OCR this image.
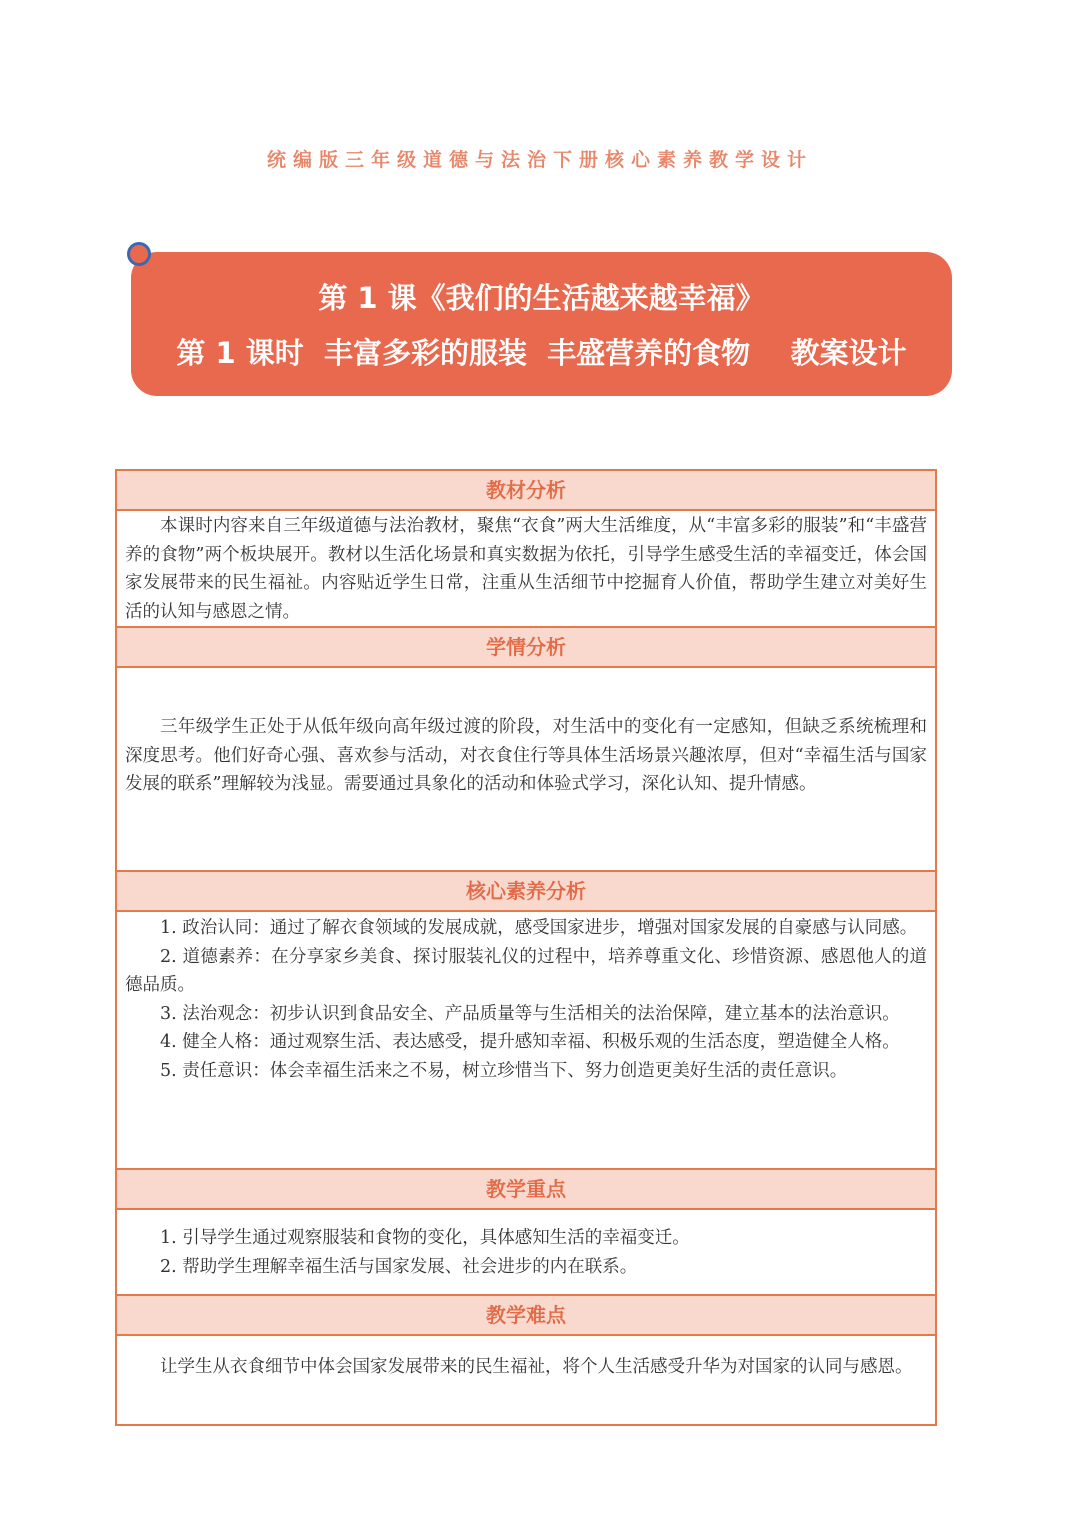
统编版三年级道德与法治下册核心素养教学设计
第 1 课《我们的生活越来越幸福》
第 1 课时  丰富多彩的服装  丰盛营养的食物    教案设计
教材分析

本课时内容来自三年级道德与法治教材，聚焦“衣食”两大生活维度，从“丰富多彩的服装”和“丰盛营养的食物”两个板块展开。教材以生活化场景和真实数据为依托，引导学生感受生活的幸福变迁，体会国家发展带来的民生福祉。内容贴近学生日常，注重从生活细节中挖掘育人价值，帮助学生建立对美好生活的认知与感恩之情。

学情分析

三年级学生正处于从低年级向高年级过渡的阶段，对生活中的变化有一定感知，但缺乏系统梳理和深度思考。他们好奇心强、喜欢参与活动，对衣食住行等具体生活场景兴趣浓厚，但对“幸福生活与国家发展的联系”理解较为浅显。需要通过具象化的活动和体验式学习，深化认知、提升情感。

核心素养分析

1. 政治认同：通过了解衣食领域的发展成就，感受国家进步，增强对国家发展的自豪感与认同感。

2. 道德素养：在分享家乡美食、探讨服装礼仪的过程中，培养尊重文化、珍惜资源、感恩他人的道德品质。

3. 法治观念：初步认识到食品安全、产品质量等与生活相关的法治保障，建立基本的法治意识。

4. 健全人格：通过观察生活、表达感受，提升感知幸福、积极乐观的生活态度，塑造健全人格。

5. 责任意识：体会幸福生活来之不易，树立珍惜当下、努力创造更美好生活的责任意识。

教学重点

1. 引导学生通过观察服装和食物的变化，具体感知生活的幸福变迁。

2. 帮助学生理解幸福生活与国家发展、社会进步的内在联系。

教学难点

让学生从衣食细节中体会国家发展带来的民生福祉，将个人生活感受升华为对国家的认同与感恩。
